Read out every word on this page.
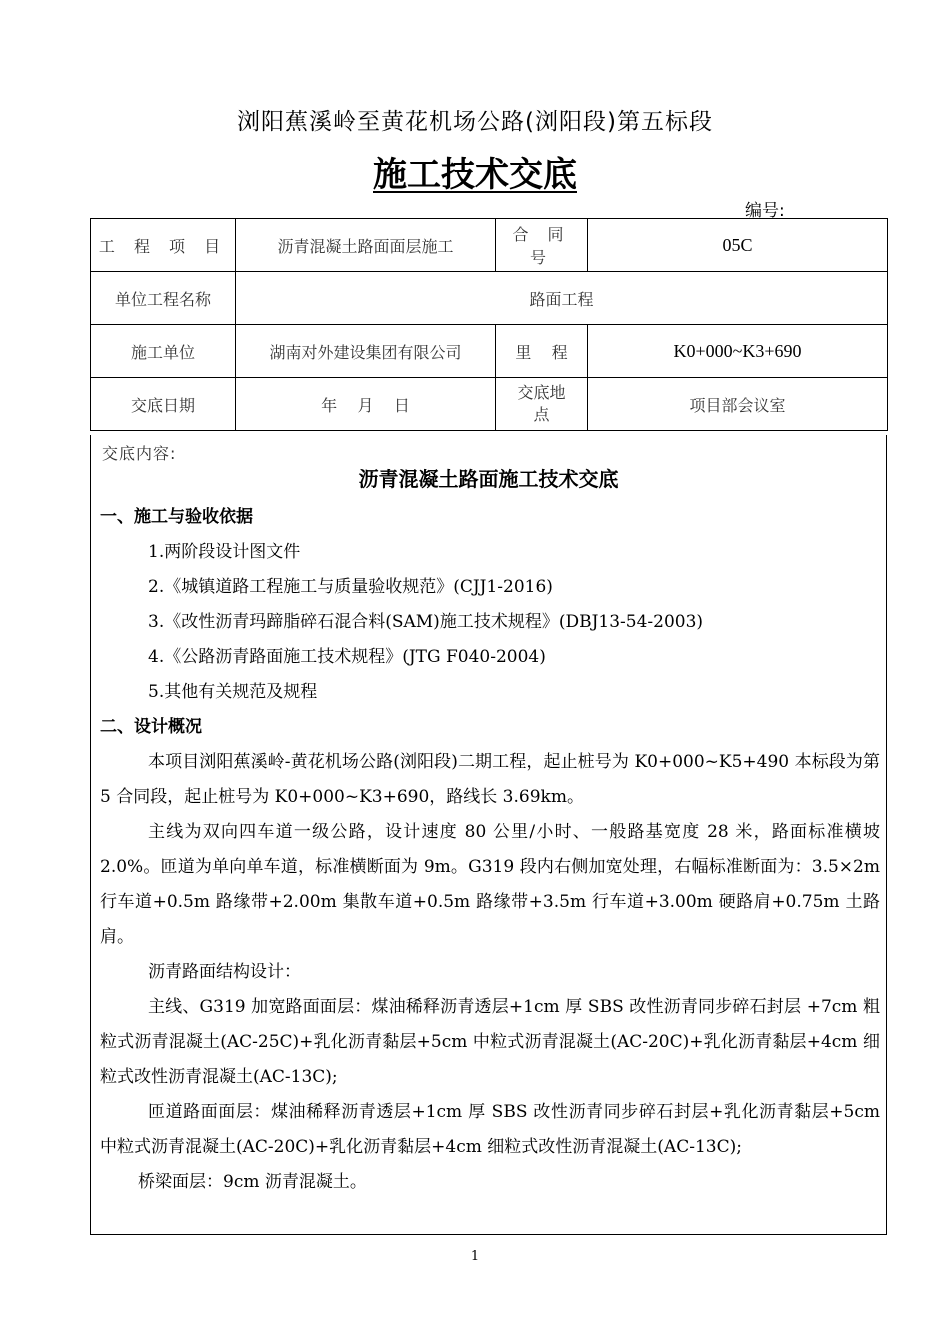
浏阳蕉溪岭至黄花机场公路(浏阳段)第五标段
施工技术交底
编号:
工 程 项 目	沥青混凝土路面面层施工	合 同 号	05C
单位工程名称	路面工程		
施工单位	湖南对外建设集团有限公司	里    程	K0+000~K3+690
交底日期	年    月    日	交底地点	项目部会议室
交底内容:
沥青混凝土路面施工技术交底

一、施工与验收依据

1.两阶段设计图文件

2.《城镇道路工程施工与质量验收规范》(CJJ1-2016)

3.《改性沥青玛蹄脂碎石混合料(SAM)施工技术规程》(DBJ13-54-2003)

4.《公路沥青路面施工技术规程》(JTG F040-2004)

5.其他有关规范及规程

二、设计概况

本项目浏阳蕉溪岭-黄花机场公路(浏阳段)二期工程，起止桩号为 K0+000~K5+490 本标段为第 5 合同段，起止桩号为 K0+000~K3+690，路线长 3.69km。

主线为双向四车道一级公路，设计速度 80 公里/小时、一般路基宽度 28 米，路面标准横坡 2.0%。匝道为单向单车道，标准横断面为 9m。G319 段内右侧加宽处理，右幅标准断面为：3.5×2m 行车道+0.5m 路缘带+2.00m 集散车道+0.5m 路缘带+3.5m 行车道+3.00m 硬路肩+0.75m 土路肩。

沥青路面结构设计：

主线、G319 加宽路面面层：煤油稀释沥青透层+1cm 厚 SBS 改性沥青同步碎石封层 +7cm 粗粒式沥青混凝土(AC-25C)+乳化沥青黏层+5cm 中粒式沥青混凝土(AC-20C)+乳化沥青黏层+4cm 细粒式改性沥青混凝土(AC-13C);

匝道路面面层：煤油稀释沥青透层+1cm 厚 SBS 改性沥青同步碎石封层+乳化沥青黏层+5cm 中粒式沥青混凝土(AC-20C)+乳化沥青黏层+4cm 细粒式改性沥青混凝土(AC-13C);

桥梁面层：9cm 沥青混凝土。

1
